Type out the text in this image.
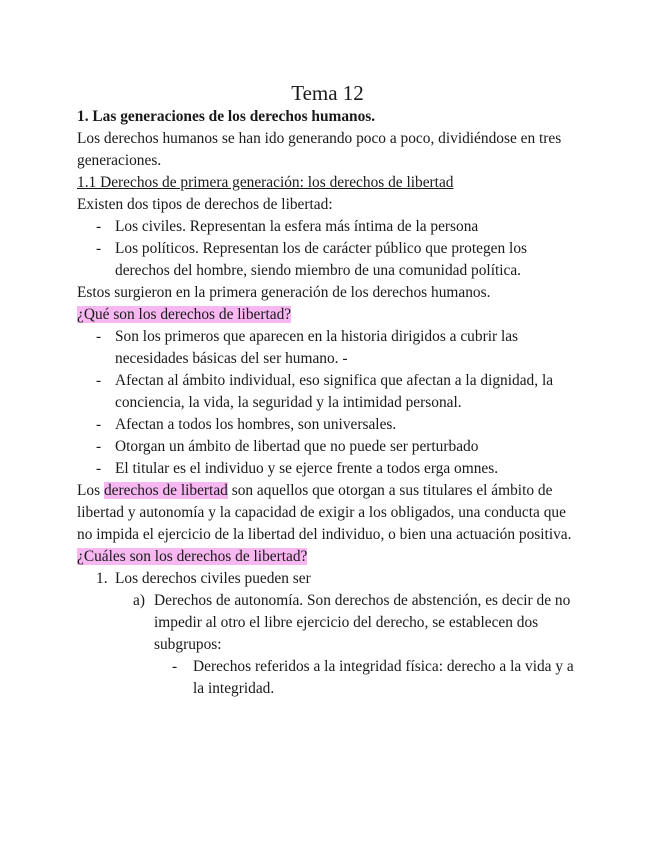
Tema 12

1. Las generaciones de los derechos humanos.

Los derechos humanos se han ido generando poco a poco, dividiéndose en tres generaciones.

1.1 Derechos de primera generación: los derechos de libertad

Existen dos tipos de derechos de libertad:

- Los civiles. Representan la esfera más íntima de la persona
- Los políticos. Representan los de carácter público que protegen los derechos del hombre, siendo miembro de una comunidad política.

Estos surgieron en la primera generación de los derechos humanos.

¿Qué son los derechos de libertad?

- Son los primeros que aparecen en la historia dirigidos a cubrir las necesidades básicas del ser humano. -
- Afectan al ámbito individual, eso significa que afectan a la dignidad, la conciencia, la vida, la seguridad y la intimidad personal.
- Afectan a todos los hombres, son universales.
- Otorgan un ámbito de libertad que no puede ser perturbado
- El titular es el individuo y se ejerce frente a todos erga omnes.

Los derechos de libertad son aquellos que otorgan a sus titulares el ámbito de libertad y autonomía y la capacidad de exigir a los obligados, una conducta que no impida el ejercicio de la libertad del individuo, o bien una actuación positiva.

¿Cuáles son los derechos de libertad?

1. Los derechos civiles pueden ser
a) Derechos de autonomía. Son derechos de abstención, es decir de no impedir al otro el libre ejercicio del derecho, se establecen dos subgrupos:
- Derechos referidos a la integridad física: derecho a la vida y a la integridad.
